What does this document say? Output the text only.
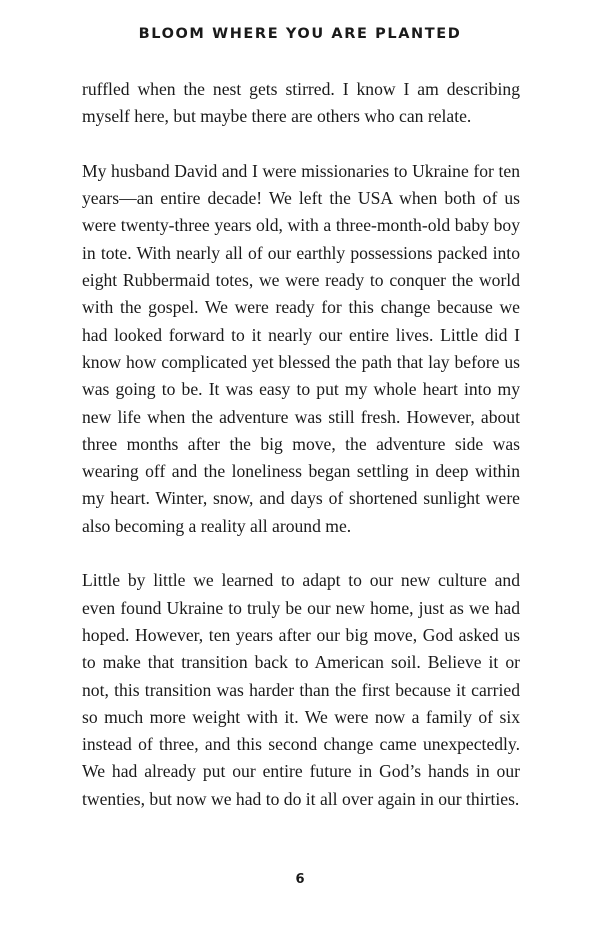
BLOOM WHERE YOU ARE PLANTED

ruffled when the nest gets stirred. I know I am describing myself here, but maybe there are others who can relate.

My husband David and I were missionaries to Ukraine for ten years—an entire decade! We left the USA when both of us were twenty-three years old, with a three-month-old baby boy in tote. With nearly all of our earthly possessions packed into eight Rubbermaid totes, we were ready to conquer the world with the gospel. We were ready for this change because we had looked forward to it nearly our entire lives. Little did I know how complicated yet blessed the path that lay before us was going to be. It was easy to put my whole heart into my new life when the adventure was still fresh. However, about three months after the big move, the adventure side was wearing off and the loneliness began settling in deep within my heart. Winter, snow, and days of shortened sunlight were also becoming a reality all around me.

Little by little we learned to adapt to our new culture and even found Ukraine to truly be our new home, just as we had hoped. However, ten years after our big move, God asked us to make that transition back to American soil. Believe it or not, this transition was harder than the first because it carried so much more weight with it. We were now a family of six instead of three, and this second change came unexpectedly. We had already put our entire future in God’s hands in our twenties, but now we had to do it all over again in our thirties.

6
